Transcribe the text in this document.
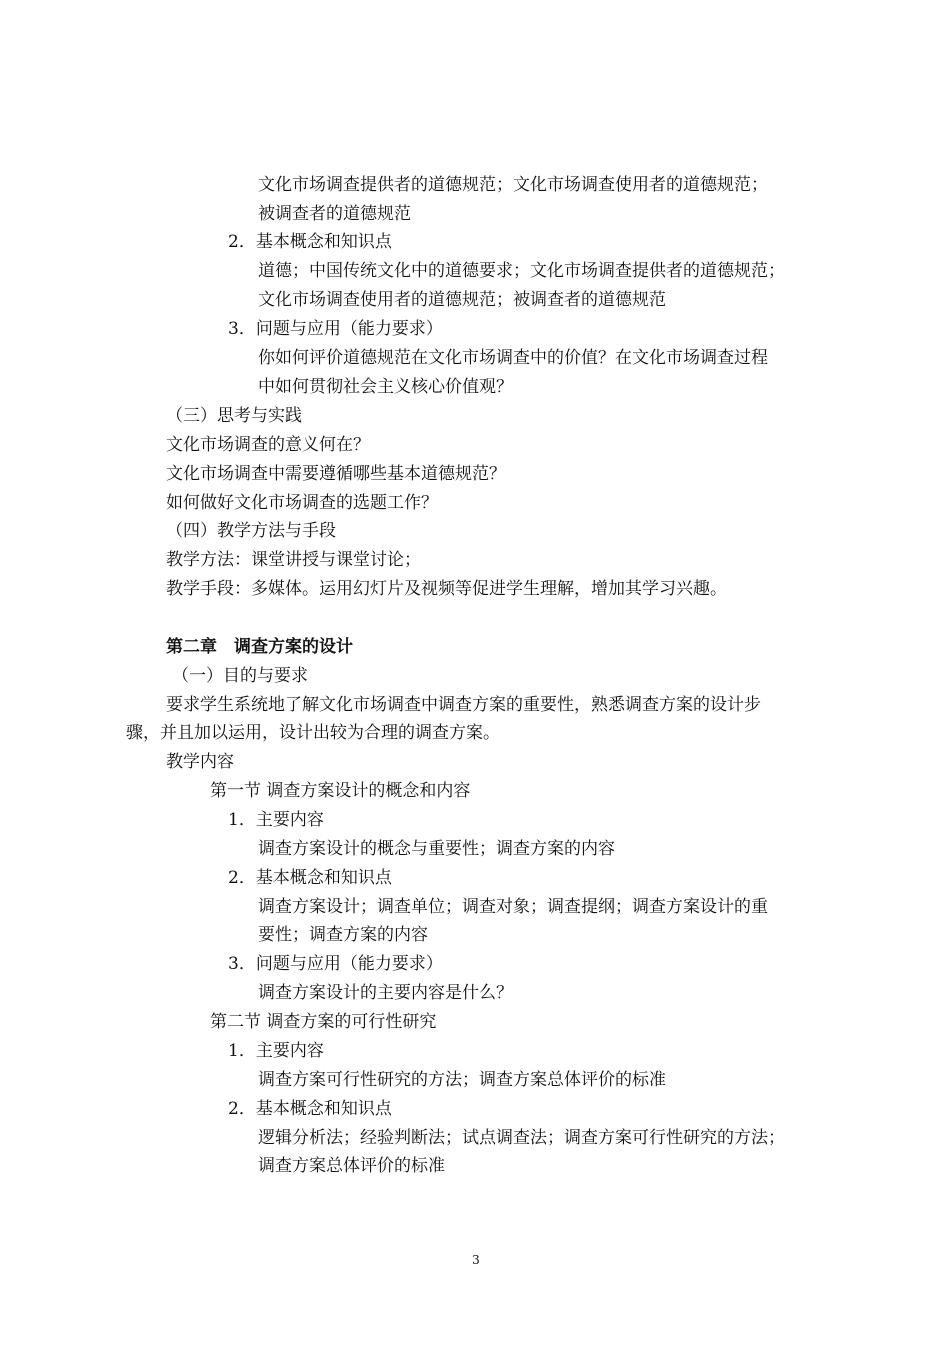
文化市场调查提供者的道德规范；文化市场调查使用者的道德规范；
被调查者的道德规范
2．基本概念和知识点
道德；中国传统文化中的道德要求；文化市场调查提供者的道德规范；
文化市场调查使用者的道德规范；被调查者的道德规范
3．问题与应用（能力要求）
你如何评价道德规范在文化市场调查中的价值？在文化市场调查过程
中如何贯彻社会主义核心价值观？
（三）思考与实践
文化市场调查的意义何在？
文化市场调查中需要遵循哪些基本道德规范？
如何做好文化市场调查的选题工作？
（四）教学方法与手段
教学方法：课堂讲授与课堂讨论；
教学手段：多媒体。运用幻灯片及视频等促进学生理解，增加其学习兴趣。
第二章　调查方案的设计
（一）目的与要求
要求学生系统地了解文化市场调查中调查方案的重要性，熟悉调查方案的设计步
骤，并且加以运用，设计出较为合理的调查方案。
教学内容
第一节 调查方案设计的概念和内容
1．主要内容
调查方案设计的概念与重要性；调查方案的内容
2．基本概念和知识点
调查方案设计；调查单位；调查对象；调查提纲；调查方案设计的重
要性；调查方案的内容
3．问题与应用（能力要求）
调查方案设计的主要内容是什么？
第二节 调查方案的可行性研究
1．主要内容
调查方案可行性研究的方法；调查方案总体评价的标准
2．基本概念和知识点
逻辑分析法；经验判断法；试点调查法；调查方案可行性研究的方法；
调查方案总体评价的标准
3
